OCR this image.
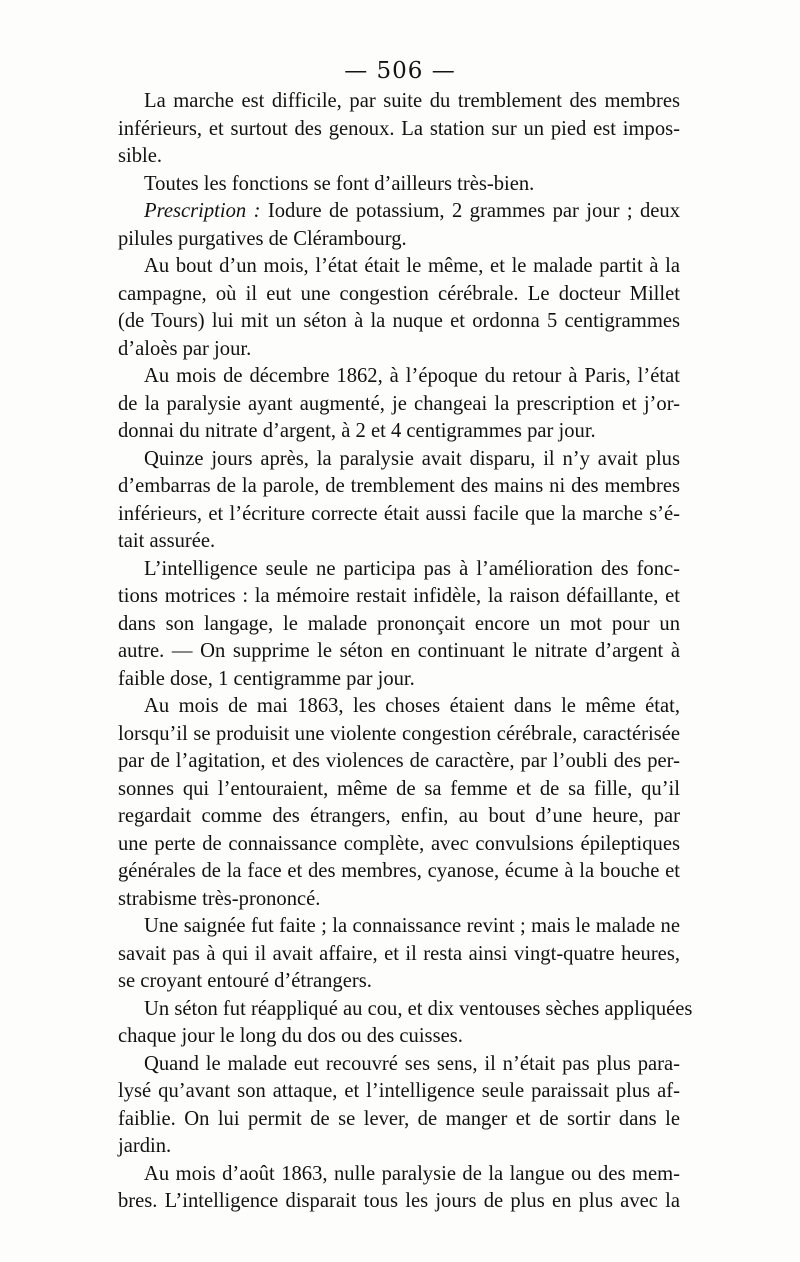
— 506 —
La marche est difficile, par suite du tremblement des membres
inférieurs, et surtout des genoux. La station sur un pied est impos-
sible.
Toutes les fonctions se font d’ailleurs très-bien.
Prescription : Iodure de potassium, 2 grammes par jour ; deux
pilules purgatives de Clérambourg.
Au bout d’un mois, l’état était le même, et le malade partit à la
campagne, où il eut une congestion cérébrale. Le docteur Millet
(de Tours) lui mit un séton à la nuque et ordonna 5 centigrammes
d’aloès par jour.
Au mois de décembre 1862, à l’époque du retour à Paris, l’état
de la paralysie ayant augmenté, je changeai la prescription et j’or-
donnai du nitrate d’argent, à 2 et 4 centigrammes par jour.
Quinze jours après, la paralysie avait disparu, il n’y avait plus
d’embarras de la parole, de tremblement des mains ni des membres
inférieurs, et l’écriture correcte était aussi facile que la marche s’é-
tait assurée.
L’intelligence seule ne participa pas à l’amélioration des fonc-
tions motrices : la mémoire restait infidèle, la raison défaillante, et
dans son langage, le malade prononçait encore un mot pour un
autre. — On supprime le séton en continuant le nitrate d’argent à
faible dose, 1 centigramme par jour.
Au mois de mai 1863, les choses étaient dans le même état,
lorsqu’il se produisit une violente congestion cérébrale, caractérisée
par de l’agitation, et des violences de caractère, par l’oubli des per-
sonnes qui l’entouraient, même de sa femme et de sa fille, qu’il
regardait comme des étrangers, enfin, au bout d’une heure, par
une perte de connaissance complète, avec convulsions épileptiques
générales de la face et des membres, cyanose, écume à la bouche et
strabisme très-prononcé.
Une saignée fut faite ; la connaissance revint ; mais le malade ne
savait pas à qui il avait affaire, et il resta ainsi vingt-quatre heures,
se croyant entouré d’étrangers.
Un séton fut réappliqué au cou, et dix ventouses sèches appliquées
chaque jour le long du dos ou des cuisses.
Quand le malade eut recouvré ses sens, il n’était pas plus para-
lysé qu’avant son attaque, et l’intelligence seule paraissait plus af-
faiblie. On lui permit de se lever, de manger et de sortir dans le
jardin.
Au mois d’août 1863, nulle paralysie de la langue ou des mem-
bres. L’intelligence disparait tous les jours de plus en plus avec la
